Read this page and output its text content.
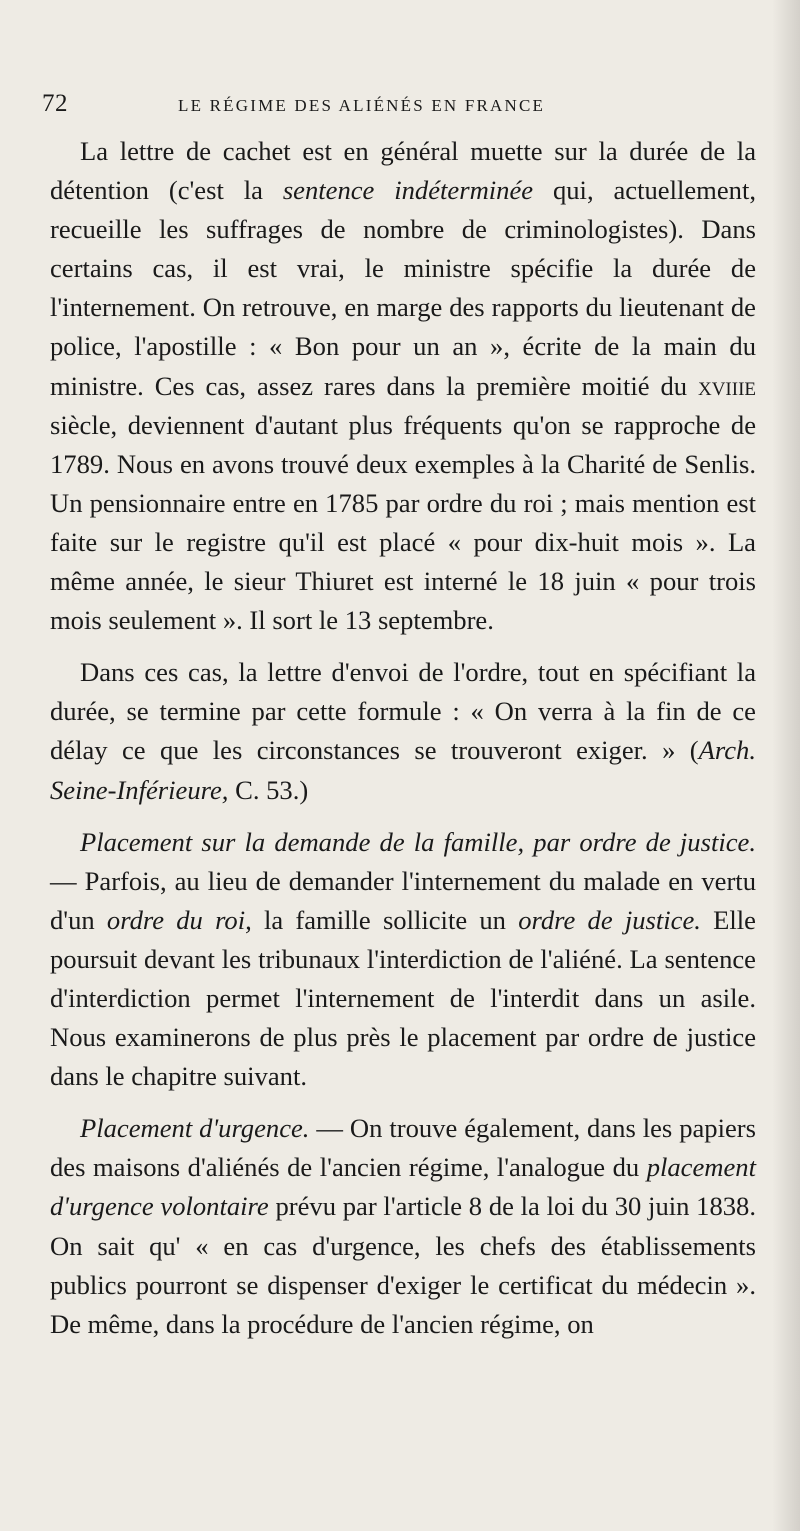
72	LE RÉGIME DES ALIÉNÉS EN FRANCE

La lettre de cachet est en général muette sur la durée de la détention (c'est la sentence indéterminée qui, actuellement, recueille les suffrages de nombre de criminologistes). Dans certains cas, il est vrai, le ministre spécifie la durée de l'internement. On retrouve, en marge des rapports du lieutenant de police, l'apostille : « Bon pour un an », écrite de la main du ministre. Ces cas, assez rares dans la première moitié du xviiie siècle, deviennent d'autant plus fréquents qu'on se rapproche de 1789. Nous en avons trouvé deux exemples à la Charité de Senlis. Un pensionnaire entre en 1785 par ordre du roi ; mais mention est faite sur le registre qu'il est placé « pour dix-huit mois ». La même année, le sieur Thiuret est interné le 18 juin « pour trois mois seulement ». Il sort le 13 septembre.

Dans ces cas, la lettre d'envoi de l'ordre, tout en spécifiant la durée, se termine par cette formule : « On verra à la fin de ce délay ce que les circonstances se trouveront exiger. » (Arch. Seine-Inférieure, C. 53.)

Placement sur la demande de la famille, par ordre de justice. — Parfois, au lieu de demander l'internement du malade en vertu d'un ordre du roi, la famille sollicite un ordre de justice. Elle poursuit devant les tribunaux l'interdiction de l'aliéné. La sentence d'interdiction permet l'internement de l'interdit dans un asile. Nous examinerons de plus près le placement par ordre de justice dans le chapitre suivant.

Placement d'urgence. — On trouve également, dans les papiers des maisons d'aliénés de l'ancien régime, l'analogue du placement d'urgence volontaire prévu par l'article 8 de la loi du 30 juin 1838. On sait qu' « en cas d'urgence, les chefs des établissements publics pourront se dispenser d'exiger le certificat du médecin ». De même, dans la procédure de l'ancien régime, on
